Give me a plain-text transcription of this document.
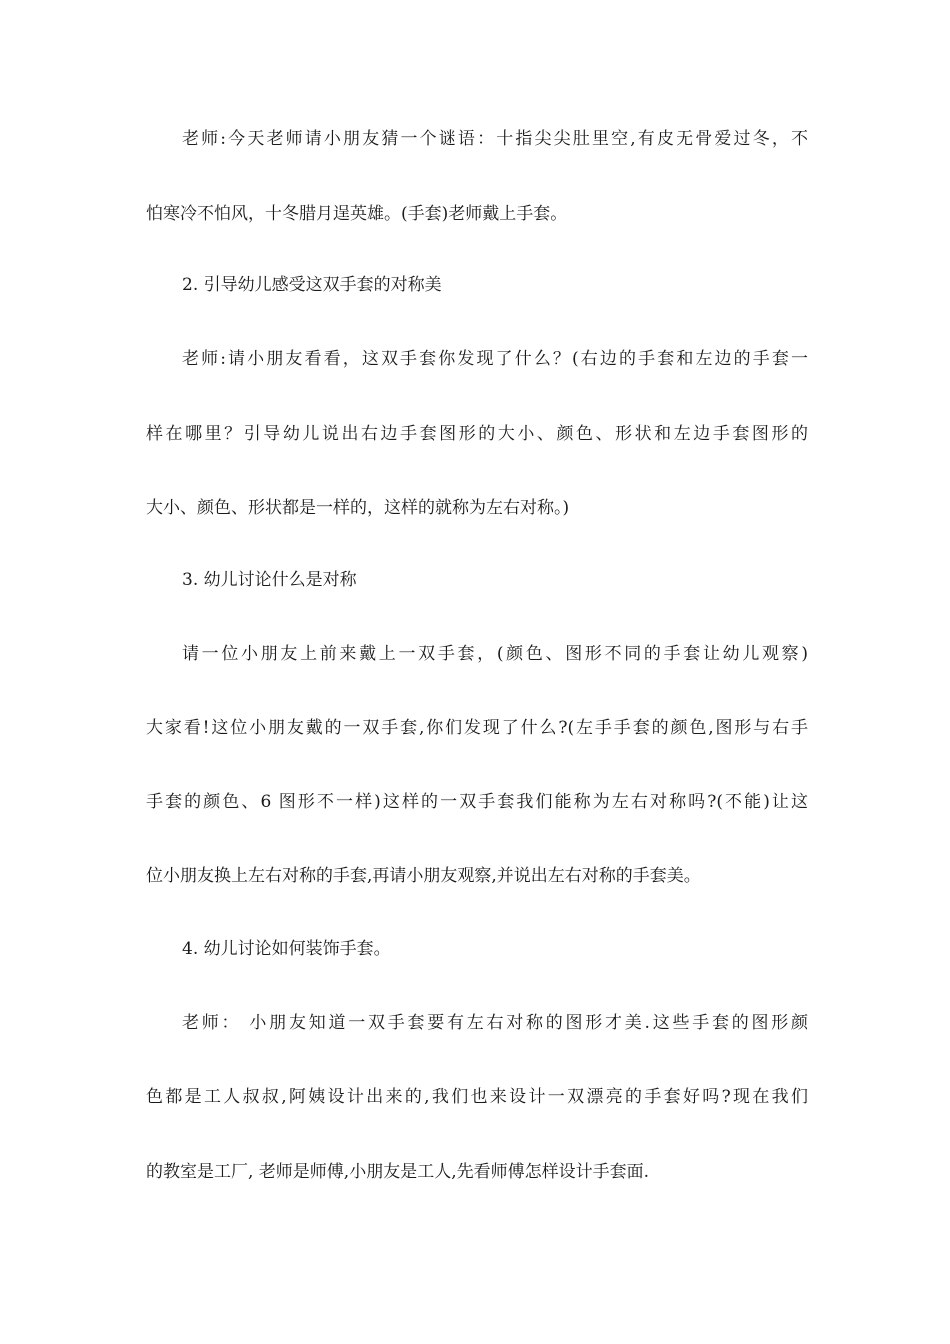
老师:今天老师请小朋友猜一个谜语：十指尖尖肚里空,有皮无骨爱过冬，不
怕寒冷不怕风，十冬腊月逞英雄。(手套)老师戴上手套。
2. 引导幼儿感受这双手套的对称美
老师:请小朋友看看，这双手套你发现了什么？(右边的手套和左边的手套一
样在哪里？引导幼儿说出右边手套图形的大小、颜色、形状和左边手套图形的
大小、颜色、形状都是一样的，这样的就称为左右对称。)
3. 幼儿讨论什么是对称
请一位小朋友上前来戴上一双手套，(颜色、图形不同的手套让幼儿观察)
大家看!这位小朋友戴的一双手套,你们发现了什么?(左手手套的颜色,图形与右手
手套的颜色、6 图形不一样)这样的一双手套我们能称为左右对称吗?(不能)让这
位小朋友换上左右对称的手套,再请小朋友观察,并说出左右对称的手套美。
4. 幼儿讨论如何装饰手套。
老师： 小朋友知道一双手套要有左右对称的图形才美.这些手套的图形颜
色都是工人叔叔,阿姨设计出来的,我们也来设计一双漂亮的手套好吗?现在我们
的教室是工厂, 老师是师傅,小朋友是工人,先看师傅怎样设计手套面.
